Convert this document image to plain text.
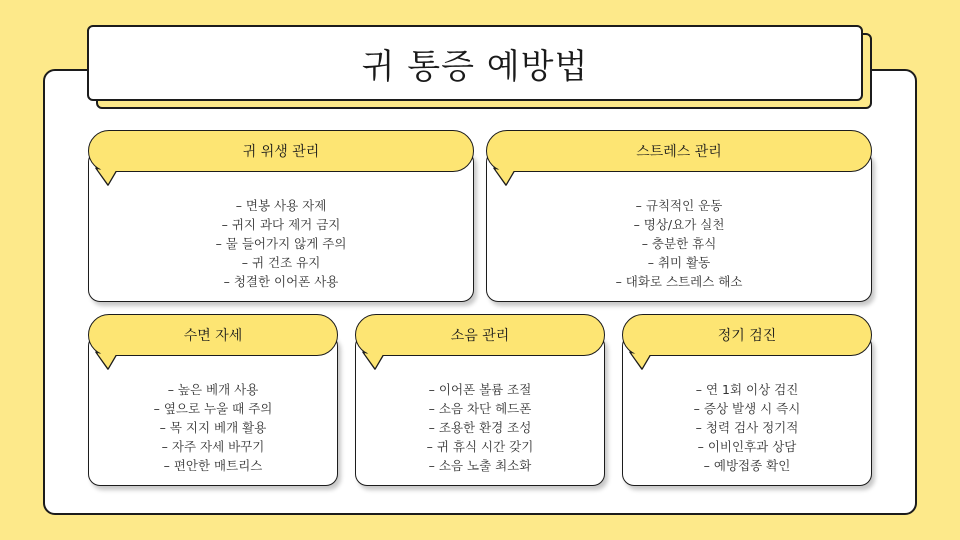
귀 통증 예방법
– 면봉 사용 자제
– 귀지 과다 제거 금지
– 물 들어가지 않게 주의
– 귀 건조 유지
– 청결한 이어폰 사용
귀 위생 관리
– 규칙적인 운동
– 명상/요가 실천
– 충분한 휴식
– 취미 활동
– 대화로 스트레스 해소
스트레스 관리
– 높은 베개 사용
– 옆으로 누울 때 주의
– 목 지지 베개 활용
– 자주 자세 바꾸기
– 편안한 매트리스
수면 자세
– 이어폰 볼륨 조절
– 소음 차단 헤드폰
– 조용한 환경 조성
– 귀 휴식 시간 갖기
– 소음 노출 최소화
소음 관리
– 연 1회 이상 검진
– 증상 발생 시 즉시
– 청력 검사 정기적
– 이비인후과 상담
– 예방접종 확인
정기 검진
